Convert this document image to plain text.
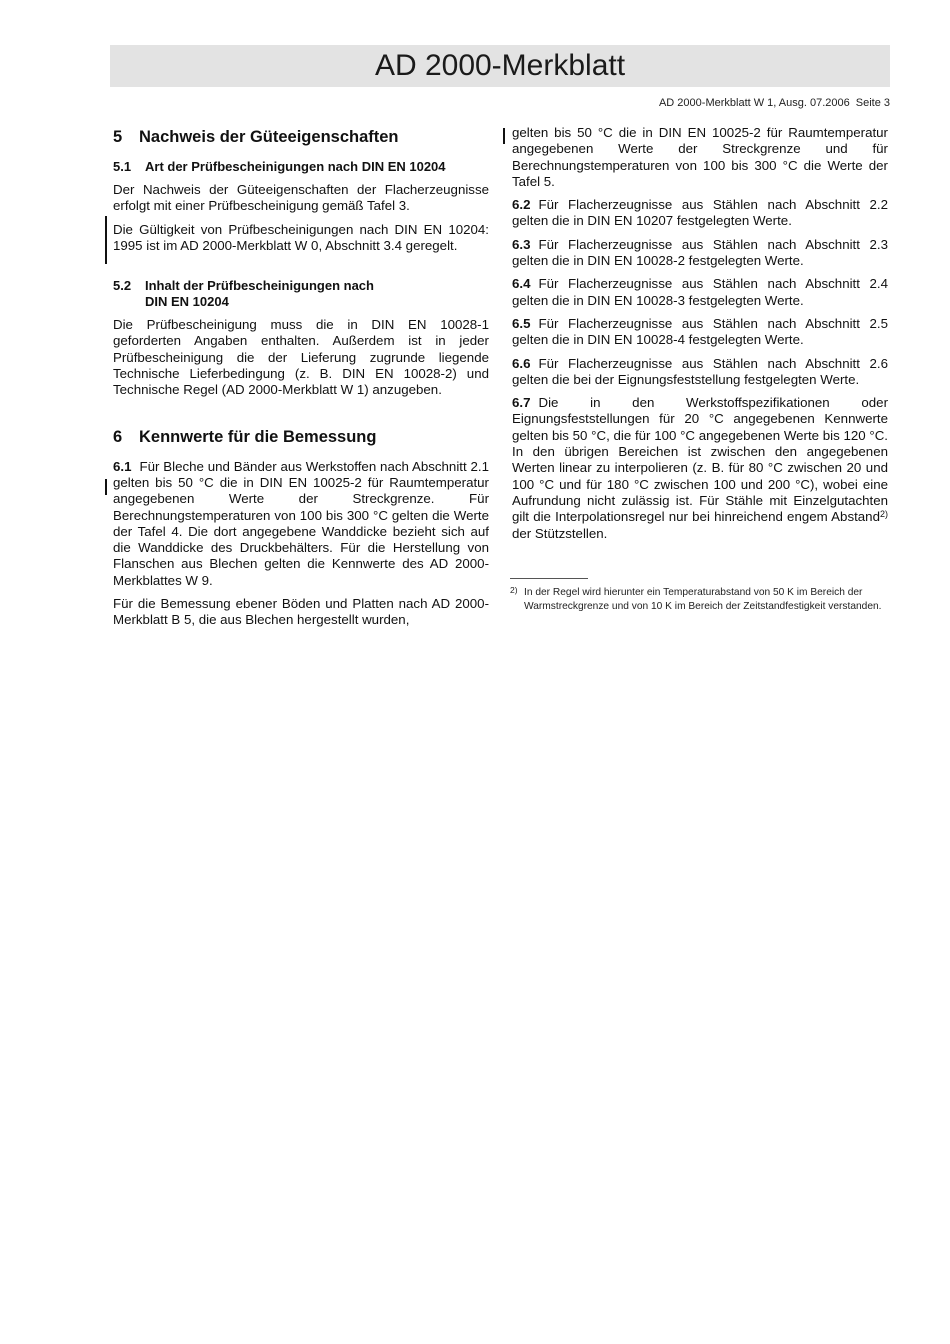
AD 2000-Merkblatt
AD 2000-Merkblatt W 1, Ausg. 07.2006 Seite 3
5 Nachweis der Güteeigenschaften
5.1 Art der Prüfbescheinigungen nach DIN EN 10204

Der Nachweis der Güteeigenschaften der Flacherzeugnisse erfolgt mit einer Prüfbescheinigung gemäß Tafel 3.

Die Gültigkeit von Prüfbescheinigungen nach DIN EN 10204: 1995 ist im AD 2000-Merkblatt W 0, Abschnitt 3.4 geregelt.

5.2 Inhalt der Prüfbescheinigungen nach
DIN EN 10204

Die Prüfbescheinigung muss die in DIN EN 10028-1 geforderten Angaben enthalten. Außerdem ist in jeder Prüfbescheinigung die der Lieferung zugrunde liegende Technische Lieferbedingung (z. B. DIN EN 10028-2) und Technische Regel (AD 2000-Merkblatt W 1) anzugeben.

6 Kennwerte für die Bemessung

6.1 Für Bleche und Bänder aus Werkstoffen nach Abschnitt 2.1 gelten bis 50 °C die in DIN EN 10025-2 für Raumtemperatur angegebenen Werte der Streckgrenze. Für Berechnungstemperaturen von 100 bis 300 °C gelten die Werte der Tafel 4. Die dort angegebene Wanddicke bezieht sich auf die Wanddicke des Druckbehälters. Für die Herstellung von Flanschen aus Blechen gelten die Kennwerte des AD 2000-Merkblattes W 9.

Für die Bemessung ebener Böden und Platten nach AD 2000-Merkblatt B 5, die aus Blechen hergestellt wurden,

gelten bis 50 °C die in DIN EN 10025-2 für Raumtemperatur angegebenen Werte der Streckgrenze und für Berechnungstemperaturen von 100 bis 300 °C die Werte der Tafel 5.

6.2 Für Flacherzeugnisse aus Stählen nach Abschnitt 2.2 gelten die in DIN EN 10207 festgelegten Werte.

6.3 Für Flacherzeugnisse aus Stählen nach Abschnitt 2.3 gelten die in DIN EN 10028-2 festgelegten Werte.

6.4 Für Flacherzeugnisse aus Stählen nach Abschnitt 2.4 gelten die in DIN EN 10028-3 festgelegten Werte.

6.5 Für Flacherzeugnisse aus Stählen nach Abschnitt 2.5 gelten die in DIN EN 10028-4 festgelegten Werte.

6.6 Für Flacherzeugnisse aus Stählen nach Abschnitt 2.6 gelten die bei der Eignungsfeststellung festgelegten Werte.

6.7 Die in den Werkstoffspezifikationen oder Eignungsfeststellungen für 20 °C angegebenen Kennwerte gelten bis 50 °C, die für 100 °C angegebenen Werte bis 120 °C. In den übrigen Bereichen ist zwischen den angegebenen Werten linear zu interpolieren (z. B. für 80 °C zwischen 20 und 100 °C und für 180 °C zwischen 100 und 200 °C), wobei eine Aufrundung nicht zulässig ist. Für Stähle mit Einzelgutachten gilt die Interpolationsregel nur bei hinreichend engem Abstand$^{2)}$ der Stützstellen.

2) In der Regel wird hierunter ein Temperaturabstand von 50 K im Bereich der Warmstreckgrenze und von 10 K im Bereich der Zeitstandfestigkeit verstanden.
